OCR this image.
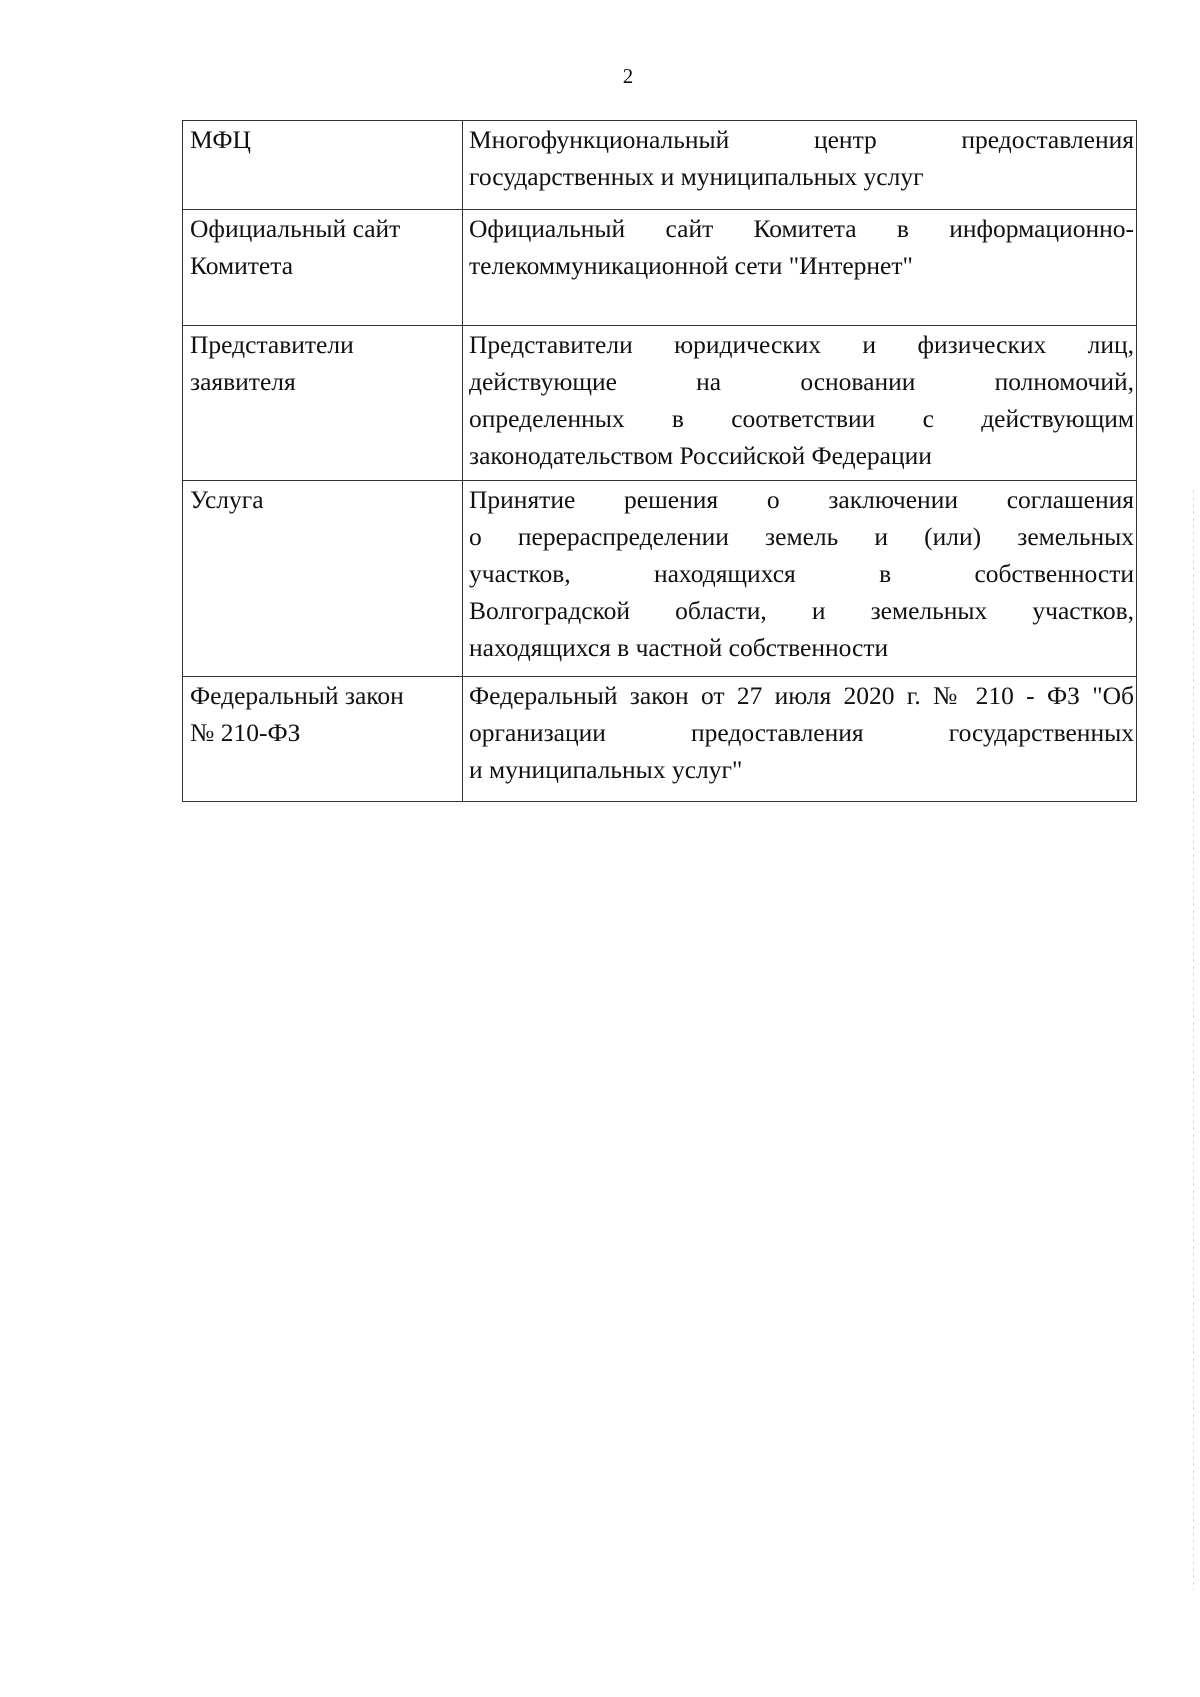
2
МФЦ	Многофункциональный центр предоставления
государственных и муниципальных услуг

Официальный сайт
Комитета	Официальный сайт Комитета в информационно-
телекоммуникационной сети "Интернет"

Представители
заявителя	Представители юридических и физических лиц,
действующие на основании полномочий,
определенных в соответствии с действующим
законодательством Российской Федерации

Услуга	Принятие решения о заключении соглашения
о перераспределении земель и (или) земельных
участков, находящихся в собственности
Волгоградской области, и земельных участков,
находящихся в частной собственности

Федеральный закон
№ 210-ФЗ	Федеральный закон от 27 июля 2020 г. № 210 - ФЗ "Об
организации предоставления государственных
и муниципальных услуг"
